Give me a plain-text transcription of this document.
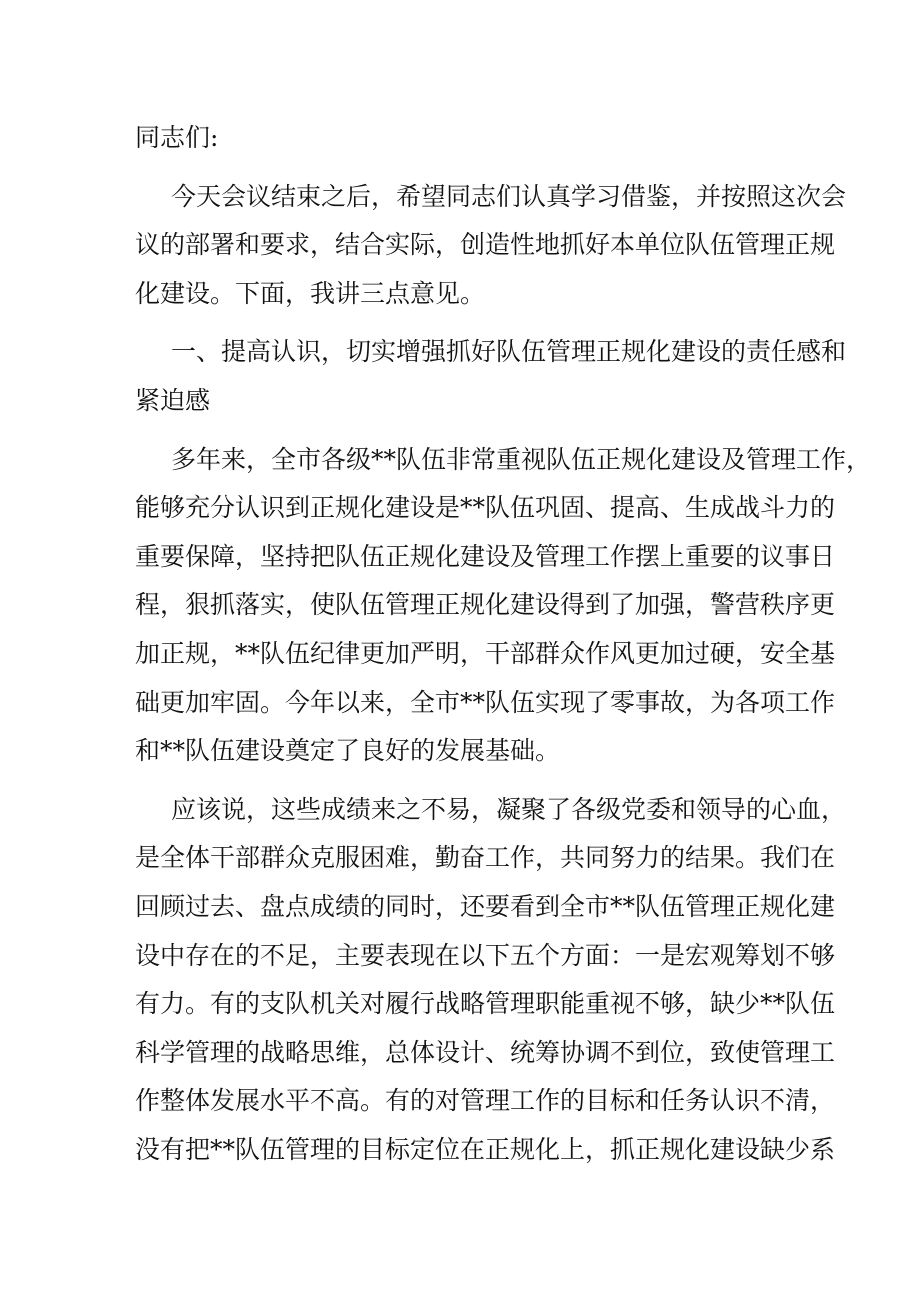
同志们:

今天会议结束之后，希望同志们认真学习借鉴，并按照这次会
议的部署和要求，结合实际，创造性地抓好本单位队伍管理正规
化建设。下面，我讲三点意见。

一、提高认识，切实增强抓好队伍管理正规化建设的责任感和
紧迫感

多年来，全市各级**队伍非常重视队伍正规化建设及管理工作，
能够充分认识到正规化建设是**队伍巩固、提高、生成战斗力的
重要保障，坚持把队伍正规化建设及管理工作摆上重要的议事日
程，狠抓落实，使队伍管理正规化建设得到了加强，警营秩序更
加正规，**队伍纪律更加严明，干部群众作风更加过硬，安全基
础更加牢固。今年以来，全市**队伍实现了零事故，为各项工作
和**队伍建设奠定了良好的发展基础。

应该说，这些成绩来之不易，凝聚了各级党委和领导的心血，
是全体干部群众克服困难，勤奋工作，共同努力的结果。我们在
回顾过去、盘点成绩的同时，还要看到全市**队伍管理正规化建
设中存在的不足，主要表现在以下五个方面：一是宏观筹划不够
有力。有的支队机关对履行战略管理职能重视不够，缺少**队伍
科学管理的战略思维，总体设计、统筹协调不到位，致使管理工
作整体发展水平不高。有的对管理工作的目标和任务认识不清，
没有把**队伍管理的目标定位在正规化上，抓正规化建设缺少系
